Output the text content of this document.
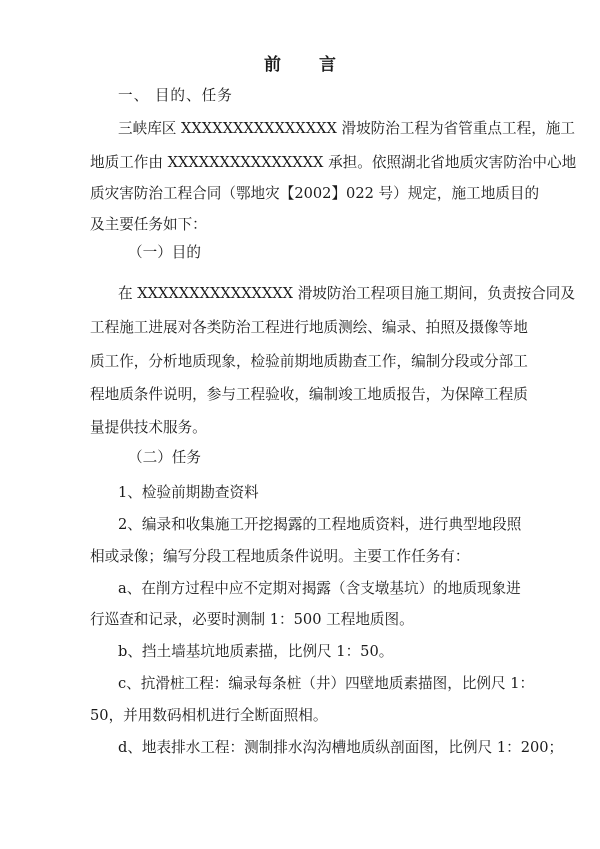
前 言

一、 目的、任务

三峡库区 XXXXXXXXXXXXXXX 滑坡防治工程为省管重点工程，施工

地质工作由 XXXXXXXXXXXXXXX 承担。依照湖北省地质灾害防治中心地

质灾害防治工程合同（鄂地灾【2002】022 号）规定，施工地质目的

及主要任务如下：

（一）目的

在 XXXXXXXXXXXXXXX 滑坡防治工程项目施工期间，负责按合同及

工程施工进展对各类防治工程进行地质测绘、编录、拍照及摄像等地

质工作，分析地质现象，检验前期地质勘查工作，编制分段或分部工

程地质条件说明，参与工程验收，编制竣工地质报告，为保障工程质

量提供技术服务。

（二）任务

1、检验前期勘查资料

2、编录和收集施工开挖揭露的工程地质资料，进行典型地段照

相或录像；编写分段工程地质条件说明。主要工作任务有：

a、在削方过程中应不定期对揭露（含支墩基坑）的地质现象进

行巡查和记录，必要时测制 1：500 工程地质图。

b、挡土墙基坑地质素描，比例尺 1：50。

c、抗滑桩工程：编录每条桩（井）四壁地质素描图，比例尺 1：

50，并用数码相机进行全断面照相。

d、地表排水工程：测制排水沟沟槽地质纵剖面图，比例尺 1：200；
